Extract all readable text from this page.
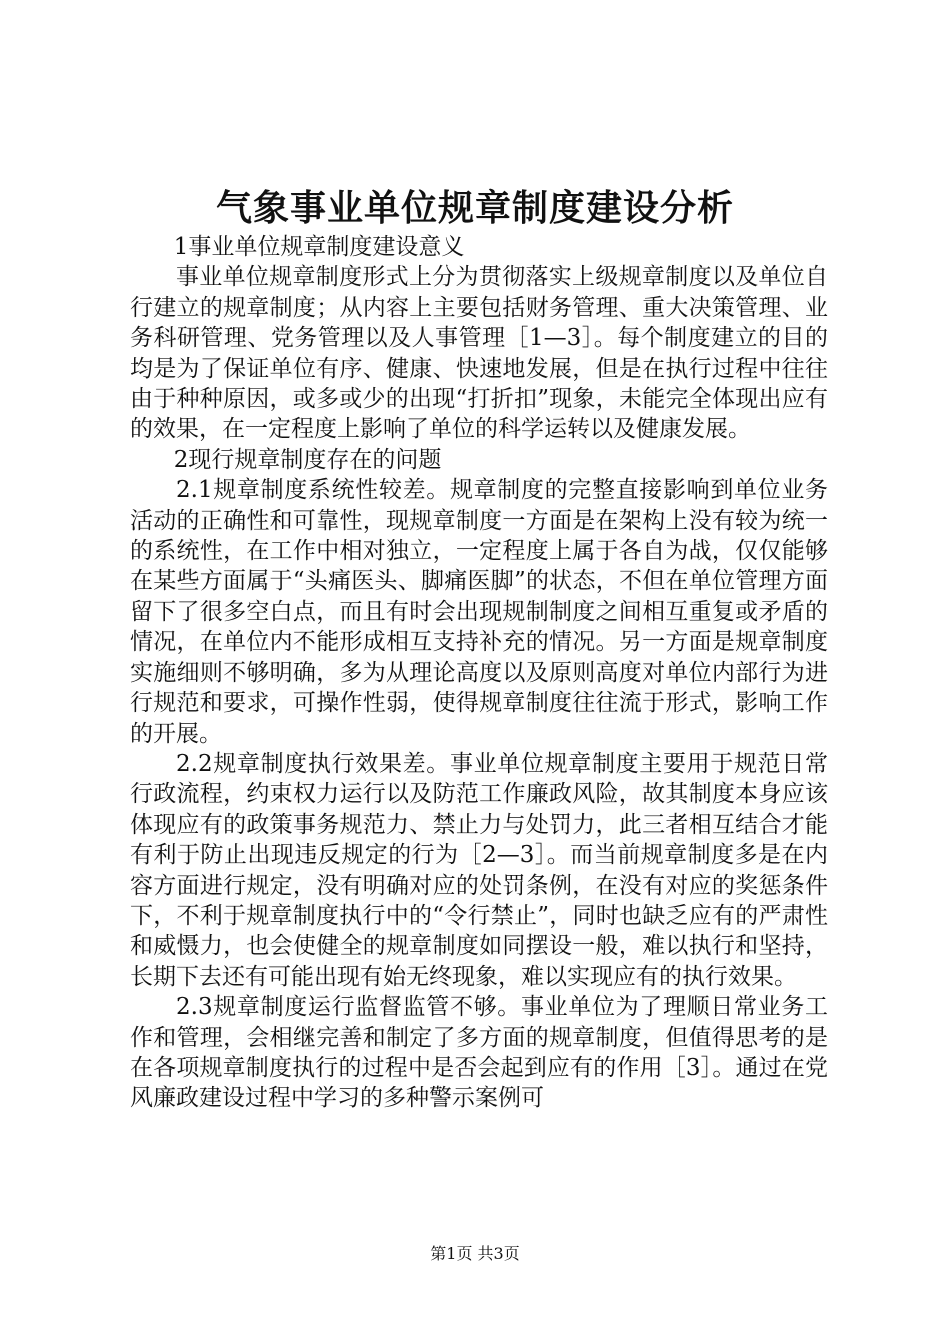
气象事业单位规章制度建设分析

1事业单位规章制度建设意义

事业单位规章制度形式上分为贯彻落实上级规章制度以及单位自行建立的规章制度；从内容上主要包括财务管理、重大决策管理、业务科研管理、党务管理以及人事管理［1—3］。每个制度建立的目的均是为了保证单位有序、健康、快速地发展，但是在执行过程中往往由于种种原因，或多或少的出现“打折扣”现象，未能完全体现出应有的效果，在一定程度上影响了单位的科学运转以及健康发展。

2现行规章制度存在的问题

2.1规章制度系统性较差。规章制度的完整直接影响到单位业务活动的正确性和可靠性，现规章制度一方面是在架构上没有较为统一的系统性，在工作中相对独立，一定程度上属于各自为战，仅仅能够在某些方面属于“头痛医头、脚痛医脚”的状态，不但在单位管理方面留下了很多空白点，而且有时会出现规制制度之间相互重复或矛盾的情况，在单位内不能形成相互支持补充的情况。另一方面是规章制度实施细则不够明确，多为从理论高度以及原则高度对单位内部行为进行规范和要求，可操作性弱，使得规章制度往往流于形式，影响工作的开展。

2.2规章制度执行效果差。事业单位规章制度主要用于规范日常行政流程，约束权力运行以及防范工作廉政风险，故其制度本身应该体现应有的政策事务规范力、禁止力与处罚力，此三者相互结合才能有利于防止出现违反规定的行为［2—3］。而当前规章制度多是在内容方面进行规定，没有明确对应的处罚条例，在没有对应的奖惩条件下，不利于规章制度执行中的“令行禁止”，同时也缺乏应有的严肃性和威慑力，也会使健全的规章制度如同摆设一般，难以执行和坚持，长期下去还有可能出现有始无终现象，难以实现应有的执行效果。

2.3规章制度运行监督监管不够。事业单位为了理顺日常业务工作和管理，会相继完善和制定了多方面的规章制度，但值得思考的是在各项规章制度执行的过程中是否会起到应有的作用［3］。通过在党风廉政建设过程中学习的多种警示案例可

第1页 共3页
